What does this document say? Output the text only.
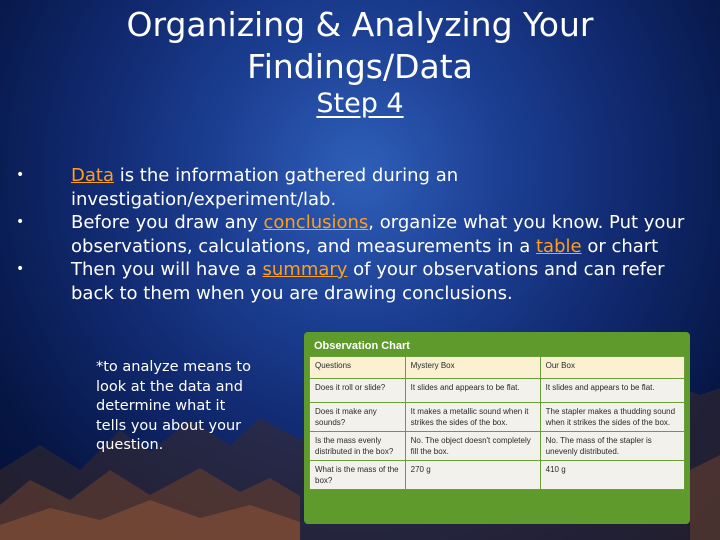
Organizing & Analyzing Your
Findings/Data
Step 4
•	Data is the information gathered during an investigation/experiment/lab.
•	Before you draw any conclusions, organize what you know. Put your observations, calculations, and measurements in a table or chart
•	Then you will have a summary of your observations and can refer back to them when you are drawing conclusions.
*to analyze means to look at the data and determine what it tells you about your question.
Observation Chart
Questions	Mystery Box	Our Box
Does it roll or slide?	It slides and appears to be flat.	It slides and appears to be flat.
Does it make any sounds?	It makes a metallic sound when it strikes the sides of the box.	The stapler makes a thudding sound when it strikes the sides of the box.
Is the mass evenly distributed in the box?	No. The object doesn't completely fill the box.	No. The mass of the stapler is unevenly distributed.
What is the mass of the box?	270 g	410 g
